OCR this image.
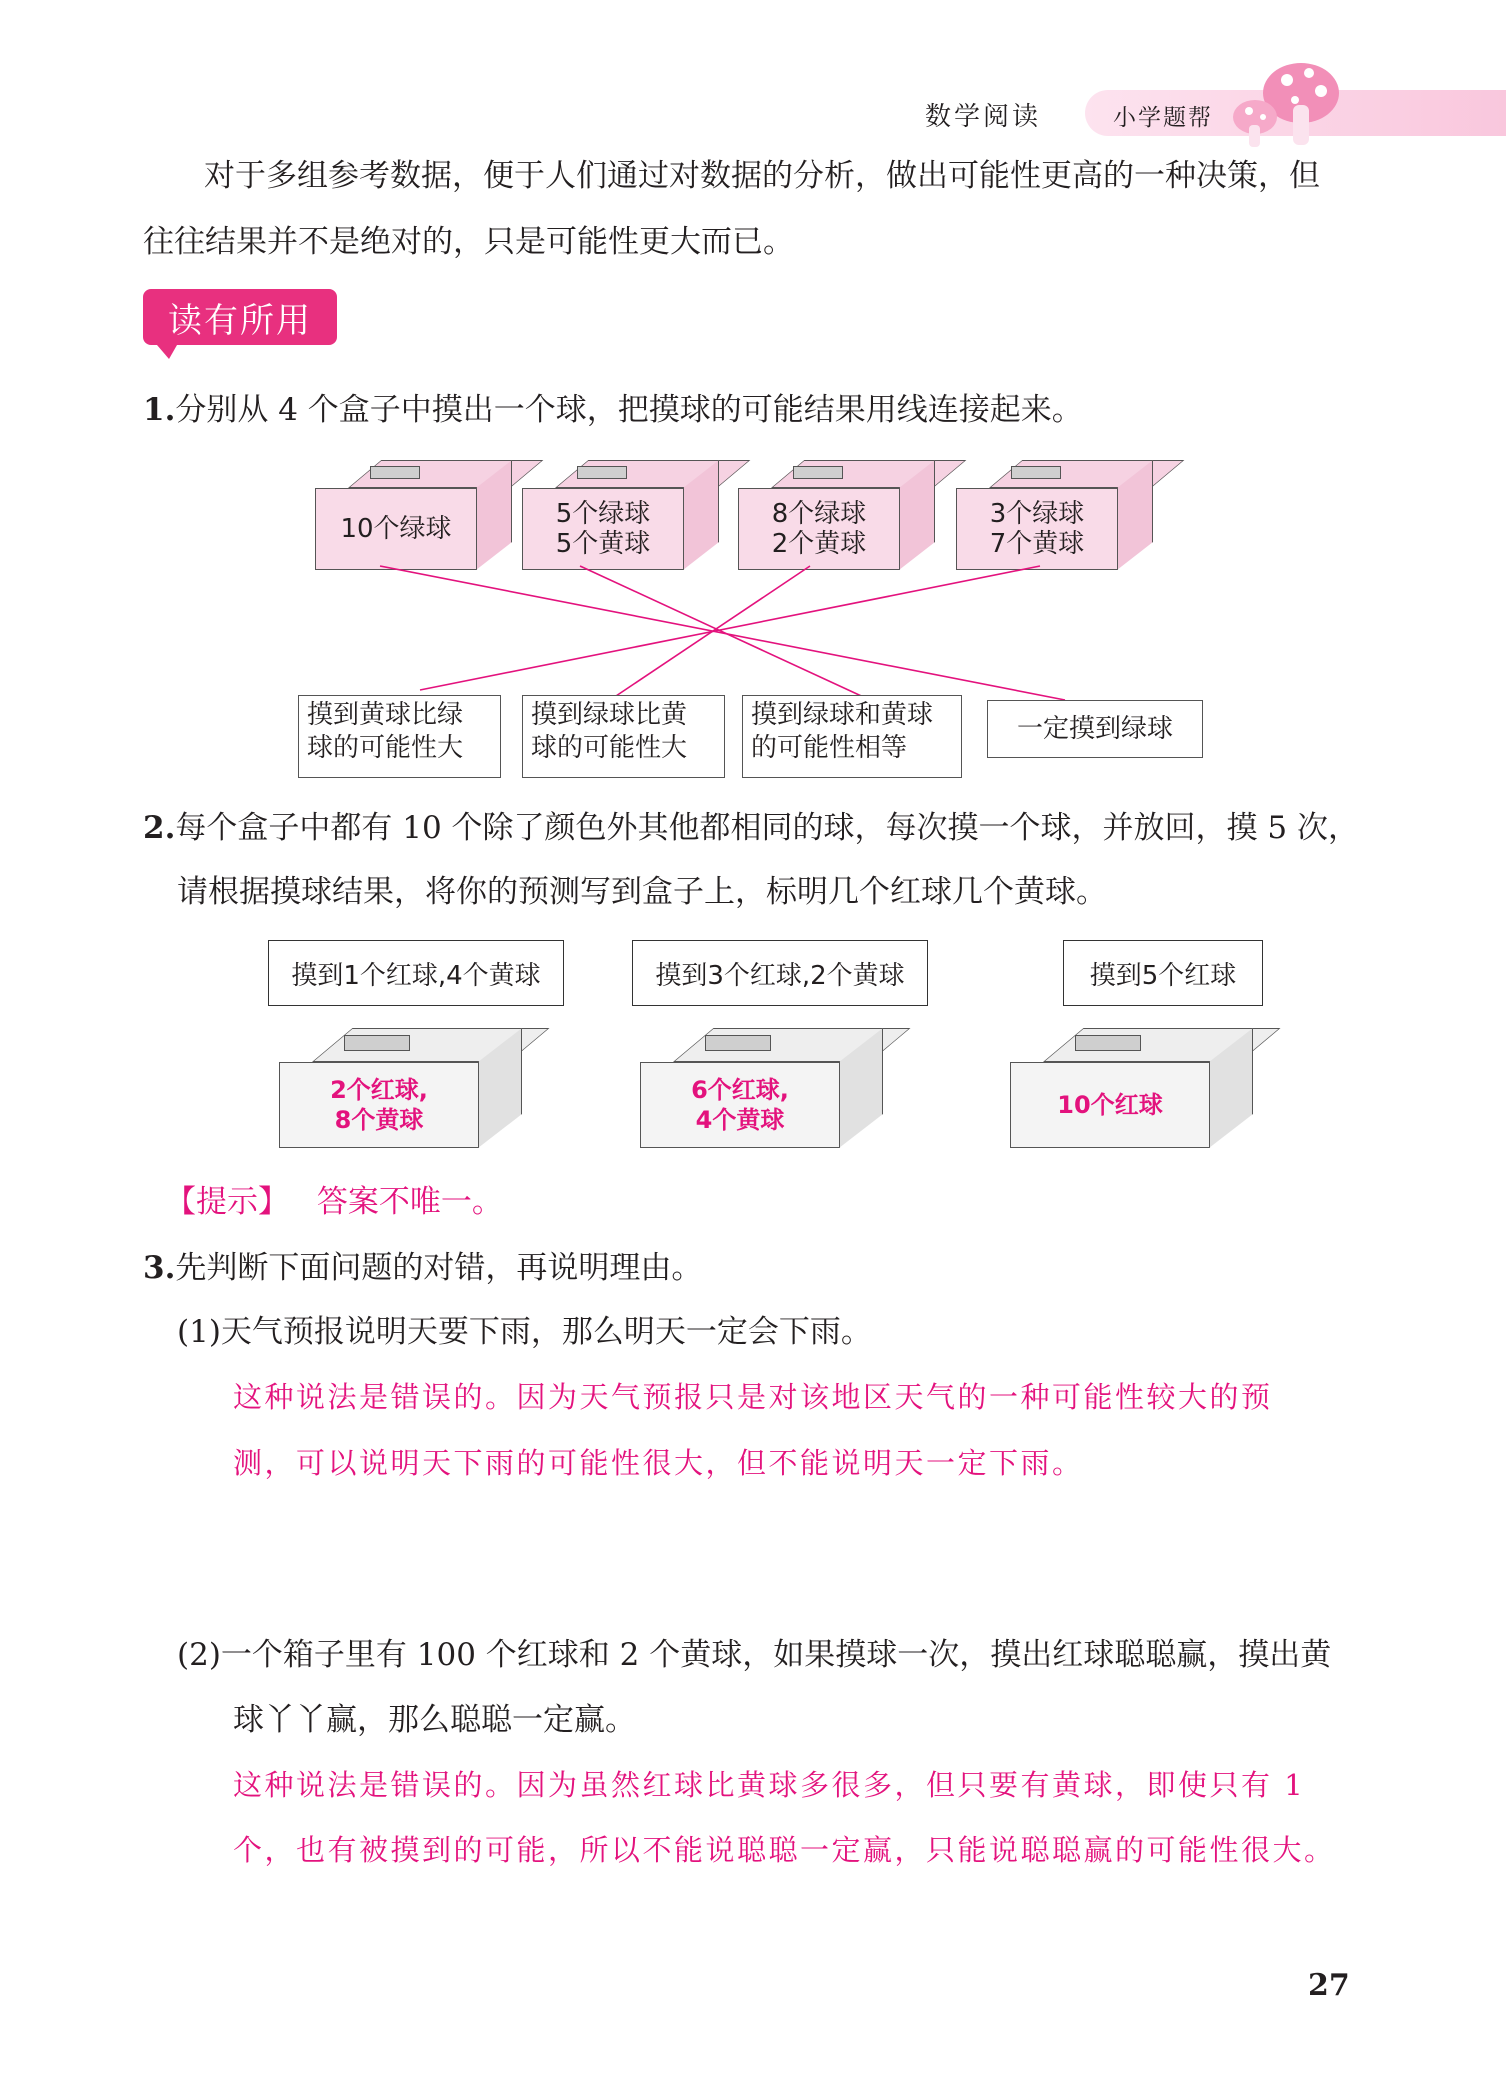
数学阅读	小学题帮
对于多组参考数据，便于人们通过对数据的分析，做出可能性更高的一种决策，但
往往结果并不是绝对的，只是可能性更大而已。
读有所用
1.分别从 4 个盒子中摸出一个球，把摸球的可能结果用线连接起来。
10个绿球	5个绿球
5个黄球
8个绿球
2个黄球
3个绿球
7个黄球
摸到黄球比绿
球的可能性大
摸到绿球比黄
球的可能性大
摸到绿球和黄球
的可能性相等
一定摸到绿球
2.每个盒子中都有 10 个除了颜色外其他都相同的球，每次摸一个球，并放回，摸 5 次，
请根据摸球结果，将你的预测写到盒子上，标明几个红球几个黄球。
摸到1个红球,4个黄球	摸到3个红球,2个黄球	摸到5个红球
2个红球,
8个黄球
6个红球,
4个黄球
10个红球
【提示】 答案不唯一。
3.先判断下面问题的对错，再说明理由。
(1)天气预报说明天要下雨，那么明天一定会下雨。
这种说法是错误的。因为天气预报只是对该地区天气的一种可能性较大的预
测，可以说明天下雨的可能性很大，但不能说明天一定下雨。
(2)一个箱子里有 100 个红球和 2 个黄球，如果摸球一次，摸出红球聪聪赢，摸出黄
球丫丫赢，那么聪聪一定赢。
这种说法是错误的。因为虽然红球比黄球多很多，但只要有黄球，即使只有 1
个，也有被摸到的可能，所以不能说聪聪一定赢，只能说聪聪赢的可能性很大。
27
